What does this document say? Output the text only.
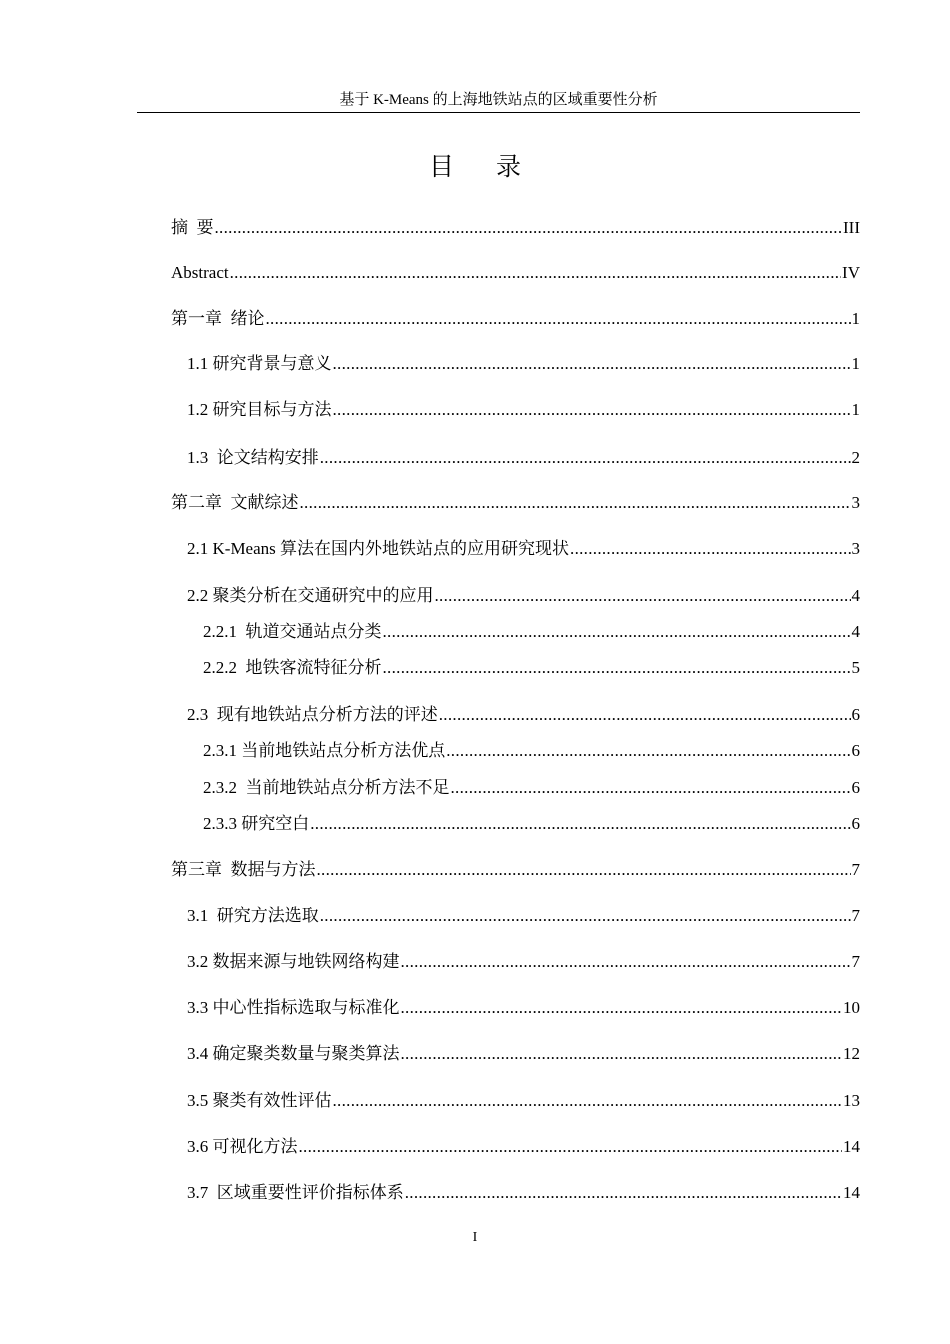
基于 K-Means 的上海地铁站点的区域重要性分析
目录
摘  要 .....	III
Abstract .....	IV
第一章  绪论 .....	1
1.1 研究背景与意义 .....	1
1.2 研究目标与方法 .....	1
1.3  论文结构安排 .....	2
第二章  文献综述 .....	3
2.1 K-Means 算法在国内外地铁站点的应用研究现状 .....	3
2.2 聚类分析在交通研究中的应用 .....	4
2.2.1  轨道交通站点分类 .....	4
2.2.2  地铁客流特征分析 .....	5
2.3  现有地铁站点分析方法的评述 .....	6
2.3.1 当前地铁站点分析方法优点 .....	6
2.3.2  当前地铁站点分析方法不足 .....	6
2.3.3 研究空白 .....	6
第三章  数据与方法 .....	7
3.1  研究方法选取 .....	7
3.2 数据来源与地铁网络构建 .....	7
3.3 中心性指标选取与标准化 .....	10
3.4 确定聚类数量与聚类算法 .....	12
3.5 聚类有效性评估 .....	13
3.6 可视化方法 .....	14
3.7  区域重要性评价指标体系 .....	14
I
